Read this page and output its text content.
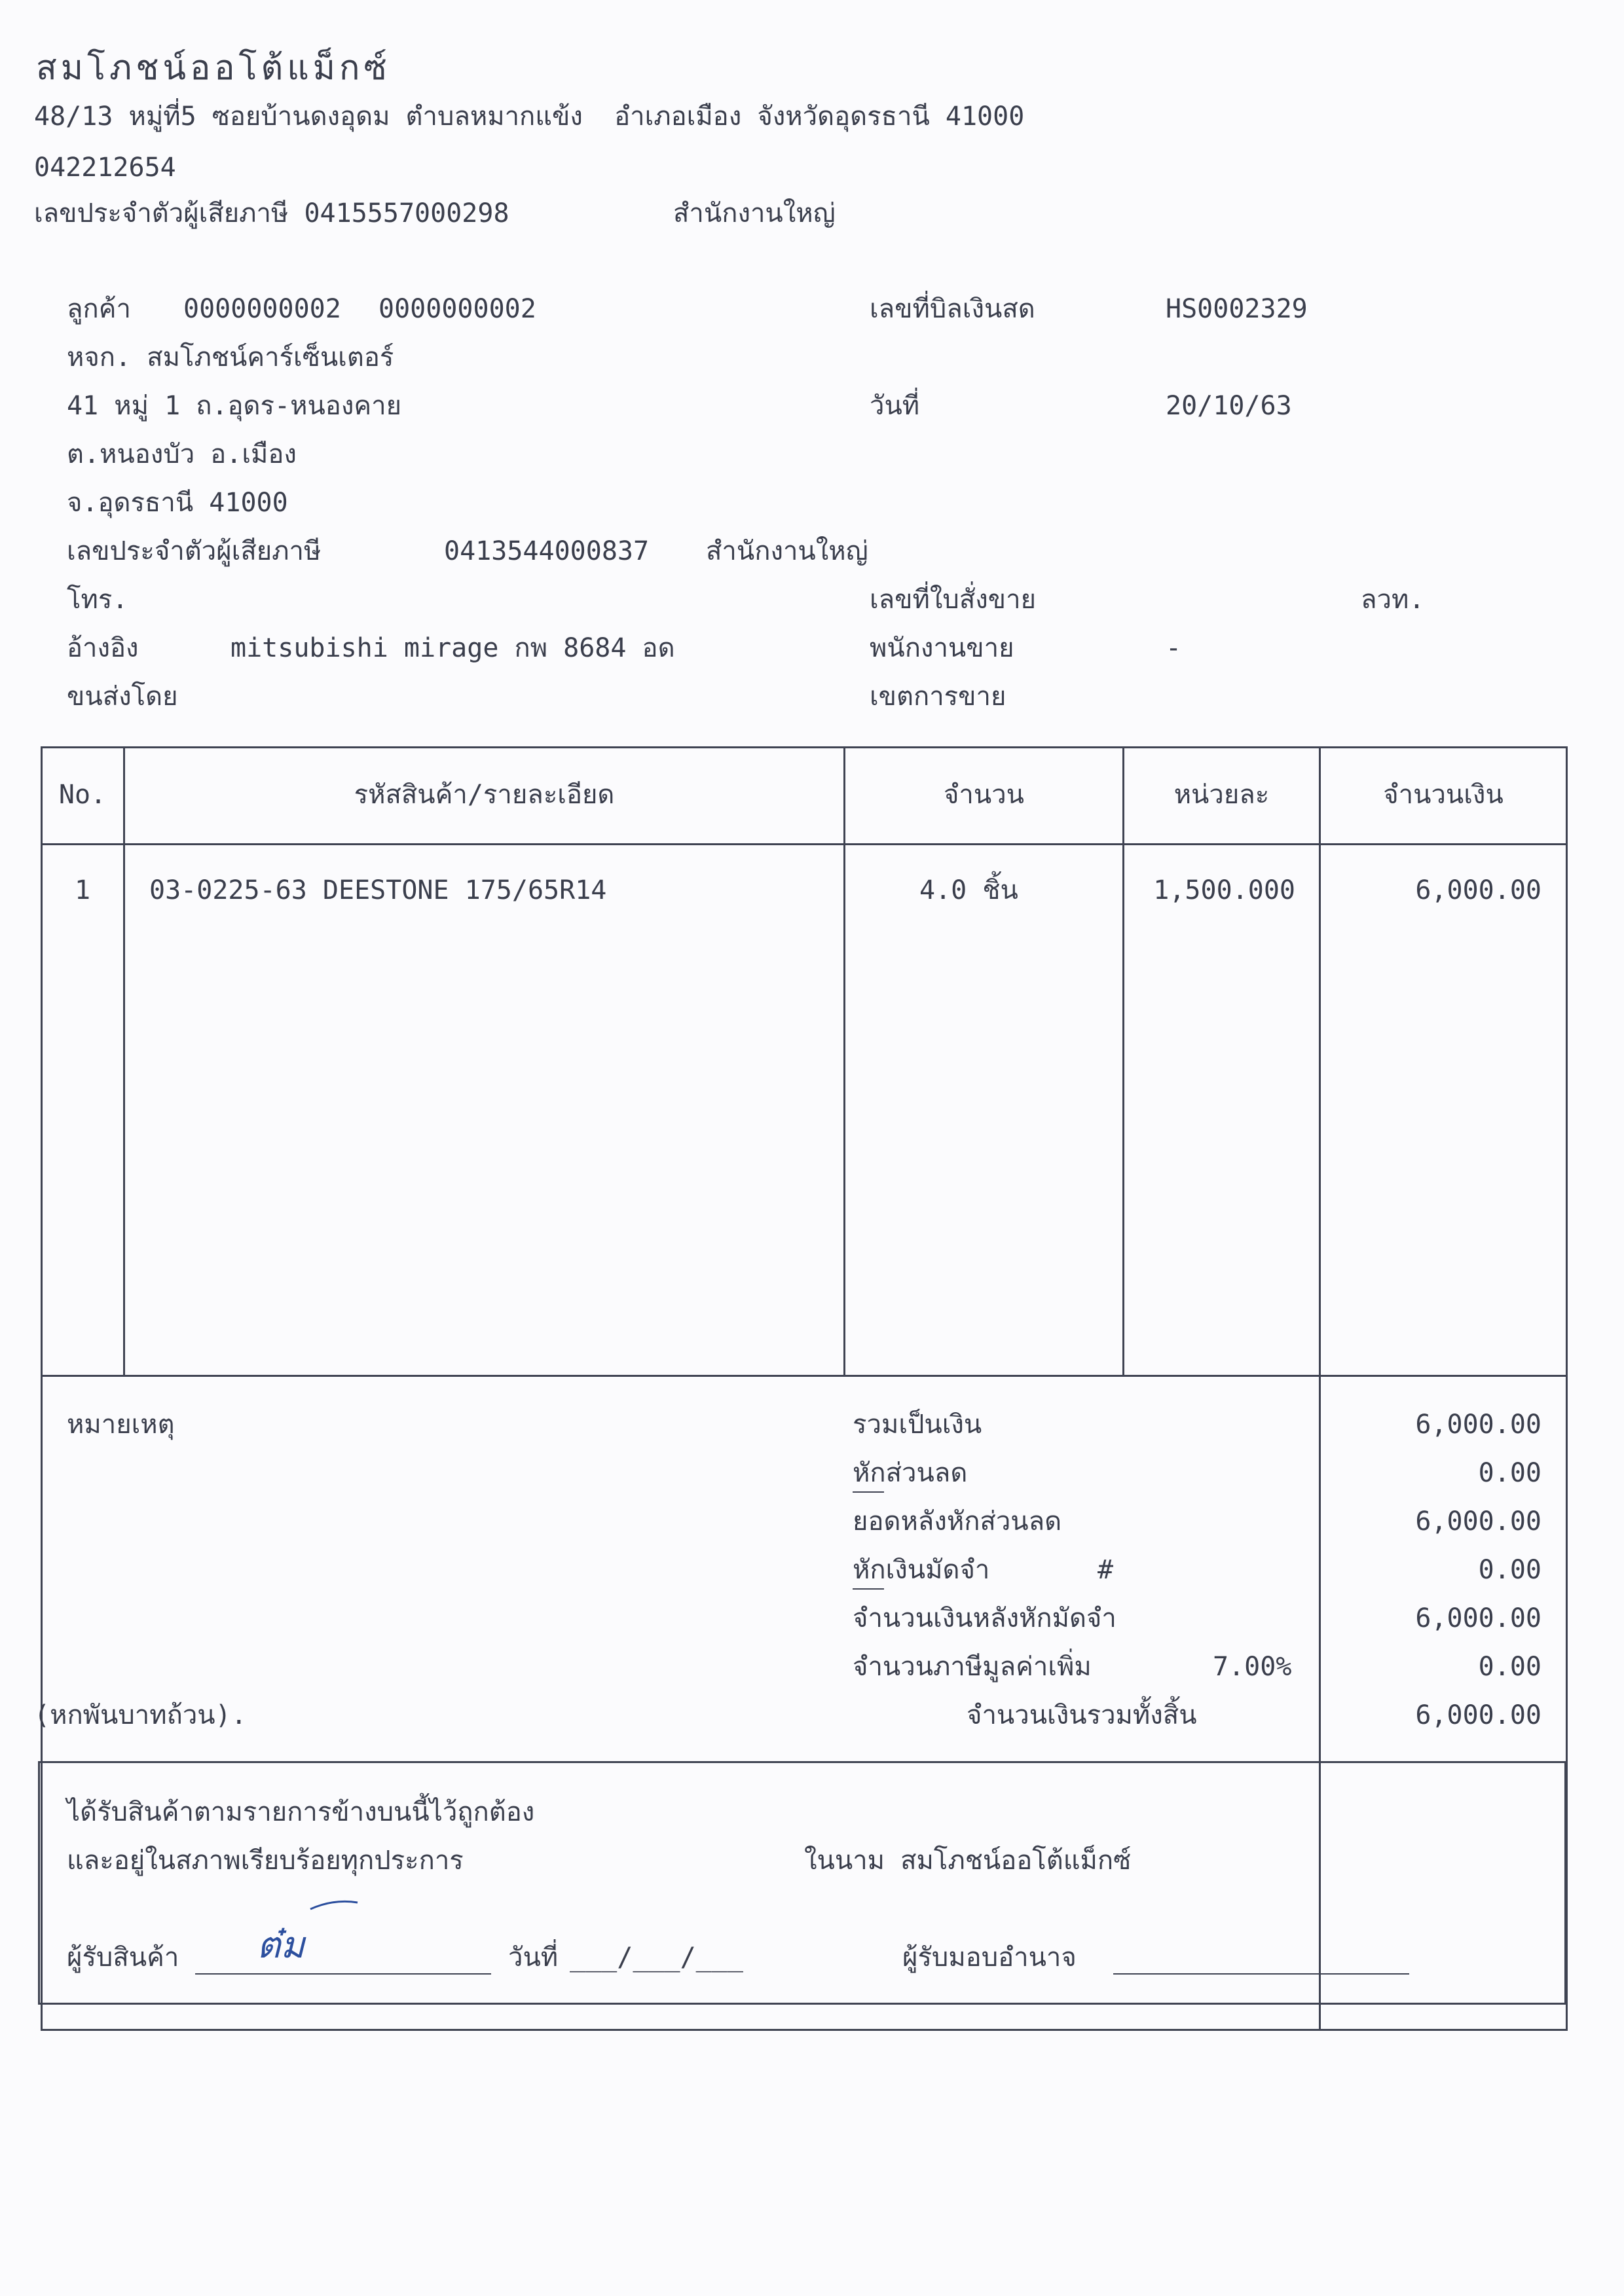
สมโภชน์ออโต้แม็กซ์
48/13 หมู่ที่5 ซอยบ้านดงอุดม ตำบลหมากแข้ง  อำเภอเมือง จังหวัดอุดรธานี 41000
042212654
เลขประจำตัวผู้เสียภาษี 0415557000298	สำนักงานใหญ่
ลูกค้า 0000000002 0000000002
หจก. สมโภชน์คาร์เซ็นเตอร์
41 หมู่ 1 ถ.อุดร-หนองคาย
ต.หนองบัว อ.เมือง
จ.อุดรธานี 41000
เลขประจำตัวผู้เสียภาษี	0413544000837 สำนักงานใหญ่
โทร.
อ้างอิง	mitsubishi mirage กพ 8684 อด
ขนส่งโดย
เลขที่บิลเงินสด	HS0002329
วันที่	20/10/63
เลขที่ใบสั่งขาย	ลวท.
พนักงานขาย	-
เขตการขาย
No.	รหัสสินค้า/รายละเอียด	จำนวน	หน่วยละ	จำนวนเงิน
1	03-0225-63 DEESTONE 175/65R14	4.0 ชิ้น	1,500.000	6,000.00
หมายเหตุ
(หกพันบาทถ้วน).
รวมเป็นเงิน	6,000.00
หักส่วนลด	0.00
ยอดหลังหักส่วนลด	6,000.00
หักเงินมัดจำ	#	0.00
จำนวนเงินหลังหักมัดจำ	6,000.00
จำนวนภาษีมูลค่าเพิ่ม	7.00%	0.00
จำนวนเงินรวมทั้งสิ้น	6,000.00
ได้รับสินค้าตามรายการข้างบนนี้ไว้ถูกต้อง
และอยู่ในสภาพเรียบร้อยทุกประการ	ในนาม สมโภชน์ออโต้แม็กซ์
ผู้รับสินค้า ต๋ม	วันที่ ___/___/___	ผู้รับมอบอำนาจ
